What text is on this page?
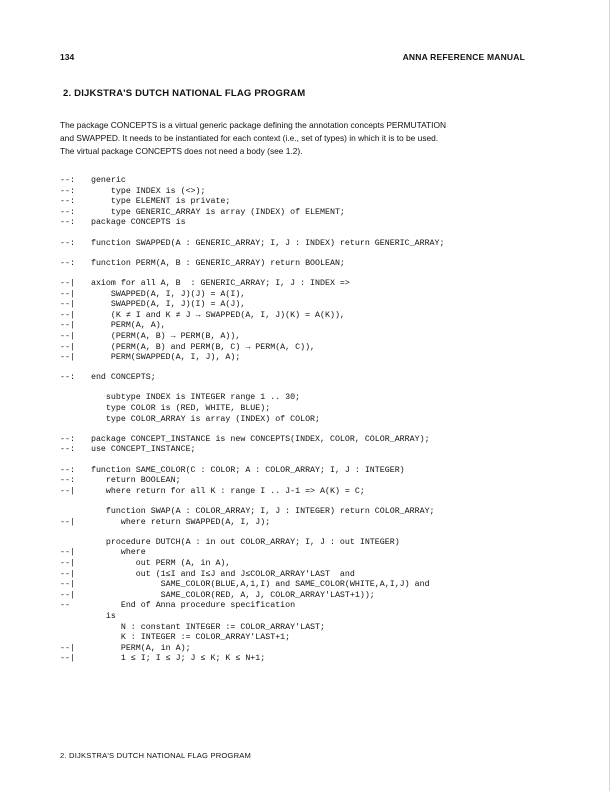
134	ANNA REFERENCE MANUAL
2. DIJKSTRA'S DUTCH NATIONAL FLAG PROGRAM

The package CONCEPTS is a virtual generic package defining the annotation concepts PERMUTATION

and SWAPPED. It needs to be instantiated for each context (i.e., set of types) in which it is to be used.

The virtual package CONCEPTS does not need a body (see 1.2).

--:	generic
--:	type INDEX is (<>);
--:	type ELEMENT is private;
--:	type GENERIC_ARRAY is array (INDEX) of ELEMENT;
--:	package CONCEPTS is
--:	function SWAPPED(A : GENERIC_ARRAY; I, J : INDEX) return GENERIC_ARRAY;
--:	function PERM(A, B : GENERIC_ARRAY) return BOOLEAN;
--|	axiom for all A, B  : GENERIC_ARRAY; I, J : INDEX =>
--|	SWAPPED(A, I, J)(J) = A(I),
--|	SWAPPED(A, I, J)(I) = A(J),
--|	(K ≠ I and K ≠ J → SWAPPED(A, I, J)(K) = A(K)),
--|	PERM(A, A),
--|	(PERM(A, B) → PERM(B, A)),
--|	(PERM(A, B) and PERM(B, C) → PERM(A, C)),
--|	PERM(SWAPPED(A, I, J), A);
--:	end CONCEPTS;
subtype INDEX is INTEGER range 1 .. 30;
type COLOR is (RED, WHITE, BLUE);
type COLOR_ARRAY is array (INDEX) of COLOR;
--:	package CONCEPT_INSTANCE is new CONCEPTS(INDEX, COLOR, COLOR_ARRAY);
--:	use CONCEPT_INSTANCE;
--:	function SAME_COLOR(C : COLOR; A : COLOR_ARRAY; I, J : INTEGER)
--:	return BOOLEAN;
--|	where return for all K : range I .. J-1 => A(K) = C;
function SWAP(A : COLOR_ARRAY; I, J : INTEGER) return COLOR_ARRAY;
--|	where return SWAPPED(A, I, J);
procedure DUTCH(A : in out COLOR_ARRAY; I, J : out INTEGER)
--|	where
--|	out PERM (A, in A),
--|	out (1≤I and I≤J and J≤COLOR_ARRAY'LAST  and
--|	SAME_COLOR(BLUE,A,1,I) and SAME_COLOR(WHITE,A,I,J) and
--|	SAME_COLOR(RED, A, J, COLOR_ARRAY'LAST+1));
--	End of Anna procedure specification
is
N : constant INTEGER := COLOR_ARRAY'LAST;
K : INTEGER := COLOR_ARRAY'LAST+1;
--|	PERM(A, in A);
--|	1 ≤ I; I ≤ J; J ≤ K; K ≤ N+1;
2. DIJKSTRA'S DUTCH NATIONAL FLAG PROGRAM
